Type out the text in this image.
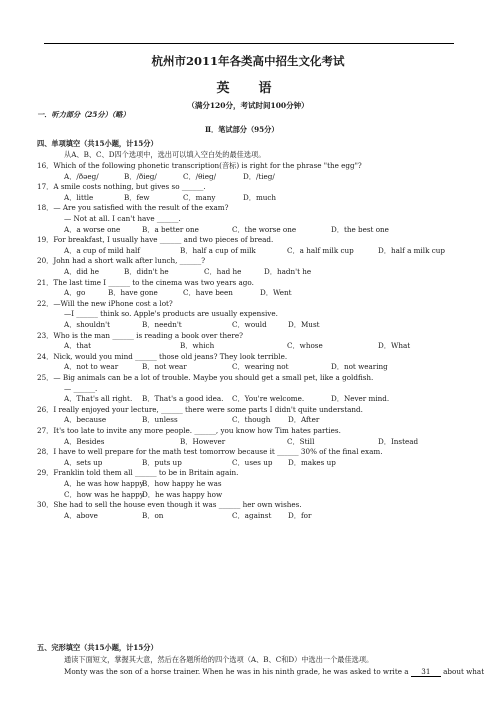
杭州市2011年各类高中招生文化考试
英　语
（满分120分，考试时间100分钟）
一．听力部分（25分）（略）
Ⅱ．笔试部分（95分）
四、单项填空（共15小题，计15分）
从A、B、C、D四个选项中，选出可以填入空白处的最佳选项。
16．Which of the following phonetic transcription(音标) is right for the phrase "the egg"?
A．/ðəeg/	B．/ðieg/	C．/θieg/	D．/tieg/
17．A smile costs nothing, but gives so ______.
A．little	B．few	C．many	D．much
18．— Are you satisfied with the result of the exam?
— Not at all. I can't have ______.
A．a worse one	B．a better one	C．the worse one	D．the best one
19．For breakfast, I usually have ______ and two pieces of bread.
A．a cup of mild half	B．half a cup of milk	C．a half milk cup	D．half a milk cup
20．John had a short walk after lunch, ______?
A．did he	B．didn't he	C．had he	D．hadn't he
21．The last time I ______ to the cinema was two years ago.
A．go	B．have gone	C．have been	D．Went
22．—Will the new iPhone cost a lot?
—I ______ think so. Apple's products are usually expensive.
A．shouldn't	B．needn't	C．would	D．Must
23．Who is the man ______ is reading a book over there?
A．that	B．which	C．whose	D．What
24．Nick, would you mind ______ those old jeans? They look terrible.
A．not to wear	B．not wear	C．wearing not	D．not wearing
25．— Big animals can be a lot of trouble. Maybe you should get a small pet, like a goldfish.
— ______.
A．That's all right. B．That's a good idea. C．You're welcome.	D．Never mind.
26．I really enjoyed your lecture, ______ there were some parts I didn't quite understand.
A．because	B．unless	C．though D．After
27．It's too late to invite any more people. ______, you know how Tim hates parties.
A．Besides	B．However	C．Still	D．Instead
28．I have to well prepare for the math test tomorrow because it ______ 30% of the final exam.
A．sets up	B．puts up	C．uses up D．makes up
29．Franklin told them all ______ to be in Britain again.
A．he was how happy
B．how happy he was
C．how was he happy
D．he was happy how
30．She had to sell the house even though it was ______ her own wishes.
A．above	B．on	C．against D．for
五、完形填空（共15小题，计15分）
通读下面短文，掌握其大意，然后在各题所给的四个选项（A、B、C和D）中选出一个最佳选项。
Monty was the son of a horse trainer. When he was in his ninth grade, he was asked to write a 31 about what
